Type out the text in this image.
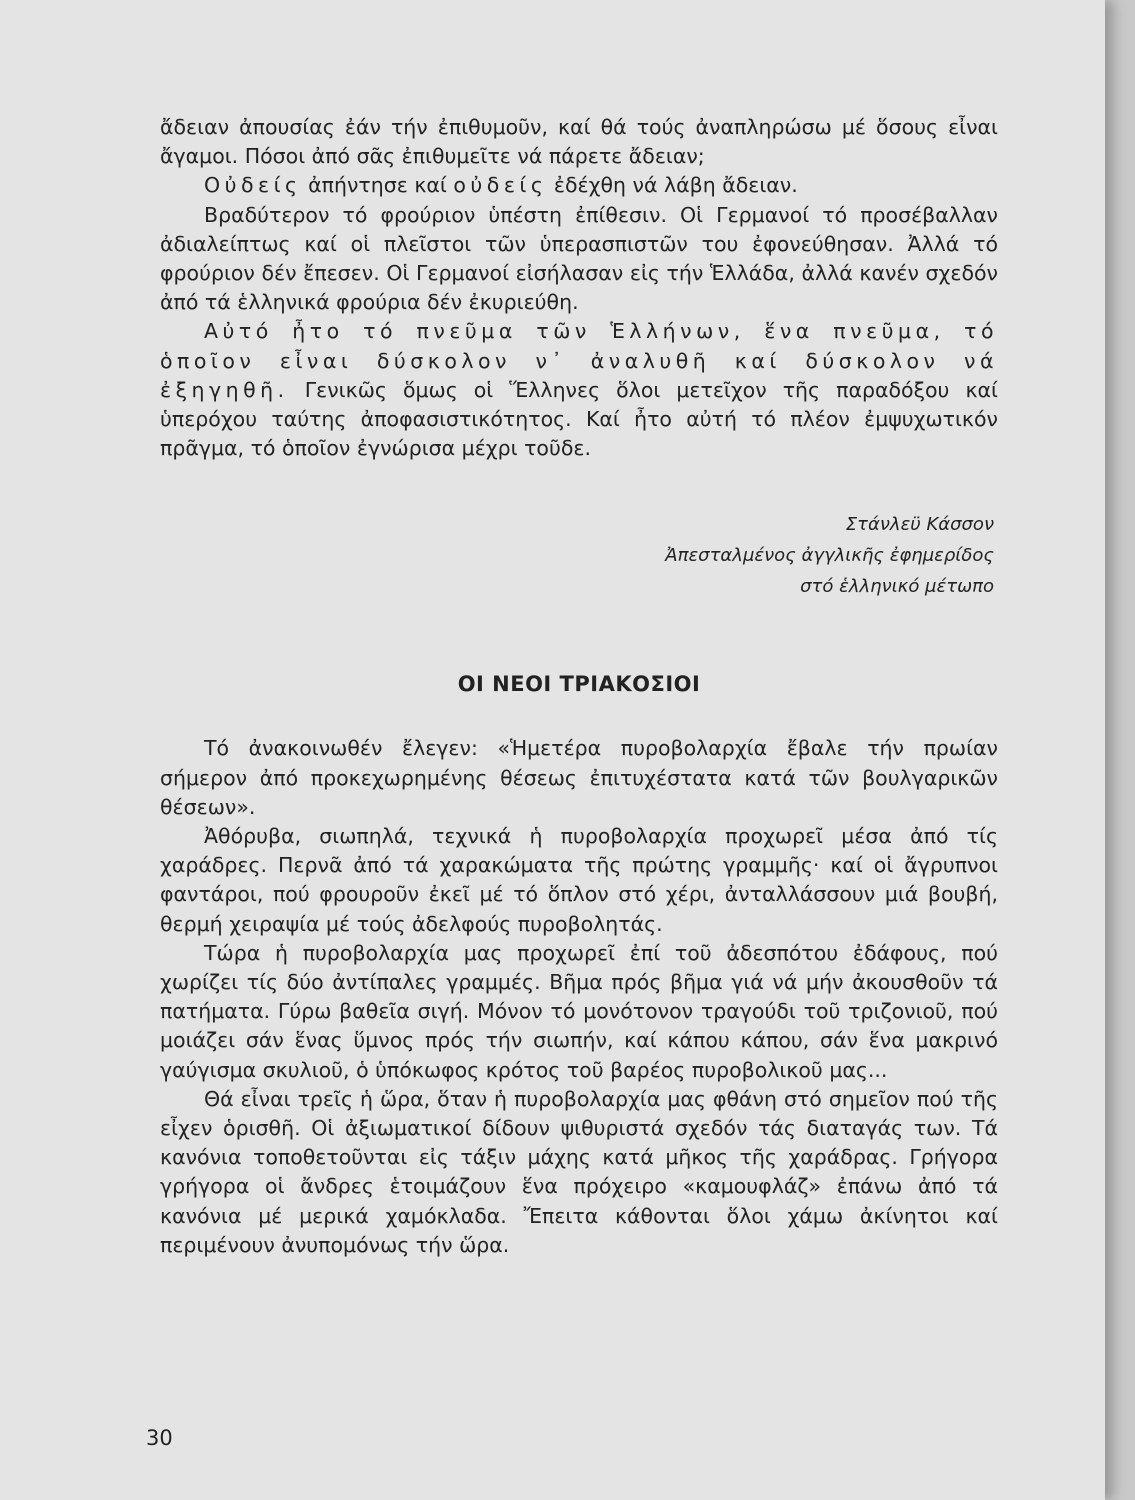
ἄδειαν ἀπουσίας ἐάν τήν ἐπιθυμοῦν, καί θά τούς ἀναπληρώσω μέ ὅσους εἶναι ἄγαμοι. Πόσοι ἀπό σᾶς ἐπιθυμεῖτε νά πάρετε ἄδειαν;

Οὐδείς ἀπήντησε καί οὐδείς ἐδέχθη νά λάβη ἄδειαν.

Βραδύτερον τό φρούριον ὑπέστη ἐπίθεσιν. Οἱ Γερμανοί τό προσέβαλλαν ἀδιαλείπτως καί οἱ πλεῖστοι τῶν ὑπερασπιστῶν του ἐφονεύθησαν. Ἀλλά τό φρούριον δέν ἔπεσεν. Οἱ Γερμανοί εἰσήλασαν εἰς τήν Ἑλλάδα, ἀλλά κανέν σχεδόν ἀπό τά ἑλληνικά φρούρια δέν ἐκυριεύθη.

Αὐτό ἦτο τό πνεῦμα τῶν Ἑλλήνων, ἕνα πνεῦμα, τό ὁποῖον εἶναι δύσκολον ν᾽ ἀναλυθῆ καί δύσκολον νά ἐξηγηθῆ. Γενικῶς ὅμως οἱ Ἕλληνες ὅλοι μετεῖχον τῆς παραδόξου καί ὑπερόχου ταύτης ἀποφασιστικότητος. Καί ἦτο αὐτή τό πλέον ἐμψυχωτικόν πρᾶγμα, τό ὁποῖον ἐγνώρισα μέχρι τοῦδε.

Στάνλεϋ Κάσσον
Ἀπεσταλμένος ἀγγλικῆς ἐφημερίδος
στό ἑλληνικό μέτωπο
ΟΙ ΝΕΟΙ ΤΡΙΑΚΟΣΙΟΙ

Τό ἀνακοινωθέν ἔλεγεν: «Ἡμετέρα πυροβολαρχία ἔβαλε τήν πρωίαν σήμερον ἀπό προκεχωρημένης θέσεως ἐπιτυχέστατα κατά τῶν βουλγαρικῶν θέσεων».

Ἀθόρυβα, σιωπηλά, τεχνικά ἡ πυροβολαρχία προχωρεῖ μέσα ἀπό τίς χαράδρες. Περνᾶ ἀπό τά χαρακώματα τῆς πρώτης γραμμῆς· καί οἱ ἄγρυπνοι φαντάροι, πού φρουροῦν ἐκεῖ μέ τό ὅπλον στό χέρι, ἀνταλλάσσουν μιά βουβή, θερμή χειραψία μέ τούς ἀδελφούς πυροβολητάς.

Τώρα ἡ πυροβολαρχία μας προχωρεῖ ἐπί τοῦ ἀδεσπότου ἐδάφους, πού χωρίζει τίς δύο ἀντίπαλες γραμμές. Βῆμα πρός βῆμα γιά νά μήν ἀκουσθοῦν τά πατήματα. Γύρω βαθεῖα σιγή. Μόνον τό μονότονον τραγούδι τοῦ τριζονιοῦ, πού μοιάζει σάν ἕνας ὕμνος πρός τήν σιωπήν, καί κάπου κάπου, σάν ἕνα μακρινό γαύγισμα σκυλιοῦ, ὁ ὑπόκωφος κρότος τοῦ βαρέος πυροβολικοῦ μας...

Θά εἶναι τρεῖς ἡ ὥρα, ὅταν ἡ πυροβολαρχία μας φθάνη στό σημεῖον πού τῆς εἶχεν ὁρισθῆ. Οἱ ἀξιωματικοί δίδουν ψιθυριστά σχεδόν τάς διαταγάς των. Τά κανόνια τοποθετοῦνται εἰς τάξιν μάχης κατά μῆκος τῆς χαράδρας. Γρήγορα γρήγορα οἱ ἄνδρες ἑτοιμάζουν ἕνα πρόχειρο «καμουφλάζ» ἐπάνω ἀπό τά κανόνια μέ μερικά χαμόκλαδα. Ἔπειτα κάθονται ὅλοι χάμω ἀκίνητοι καί περιμένουν ἀνυπομόνως τήν ὥρα.

30
